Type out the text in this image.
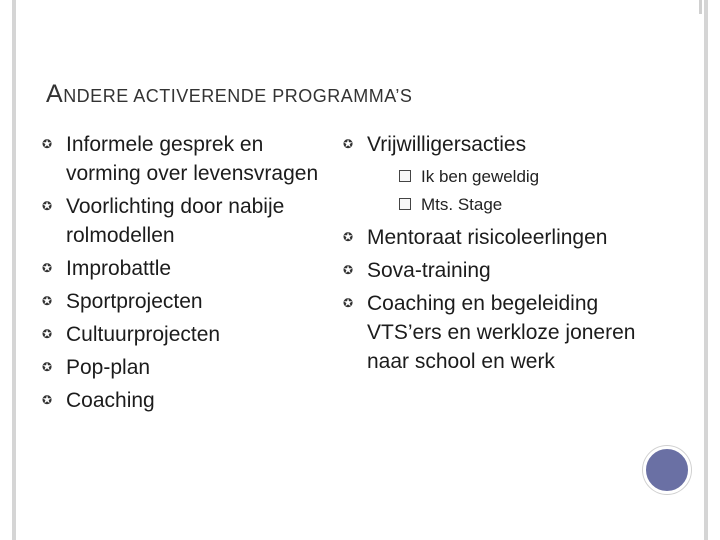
ANDERE ACTIVERENDE PROGRAMMA’S
✪ Informele gesprek en vorming over levensvragen
✪ Voorlichting door nabije rolmodellen
✪ Improbattle
✪ Sportprojecten
✪ Cultuurprojecten
✪ Pop-plan
✪ Coaching
✪ Vrijwilligersacties
Ik ben geweldig
Mts. Stage
✪ Mentoraat risicoleerlingen
✪ Sova-training
✪ Coaching en begeleiding VTS’ers en werkloze joneren naar school en werk
